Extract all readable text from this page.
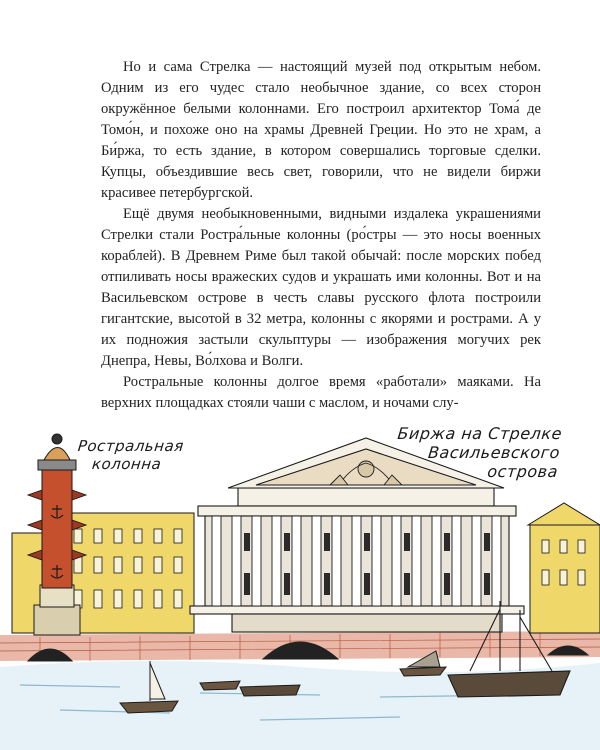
Но и сама Стрелка — настоящий музей под открытым небом. Одним из его чудес стало необычное здание, со всех сторон окружённое белыми колоннами. Его построил архитектор Тома́ де Томо́н, и похоже оно на храмы Древней Греции. Но это не храм, а Би́ржа, то есть здание, в котором совершались торговые сделки. Купцы, объездившие весь свет, говорили, что не видели биржи красивее петербургской.

Ещё двумя необыкновенными, видными издалека украшениями Стрелки стали Ростра́льные колонны (ро́стры — это носы военных кораблей). В Древнем Риме был такой обычай: после морских побед отпиливать носы вражеских судов и украшать ими колонны. Вот и на Васильевском острове в честь славы русского флота построили гигантские, высотой в 32 метра, колонны с якорями и рострами. А у их подножия застыли скульптуры — изображения могучих рек Днепра, Невы, Во́лхова и Волги.

Ростральные колонны долгое время «работали» маяками. На верхних площадках стояли чаши с маслом, и ночами слу-

Ростральная
колонна
Биржа на Стрелке
Васильевского
острова
